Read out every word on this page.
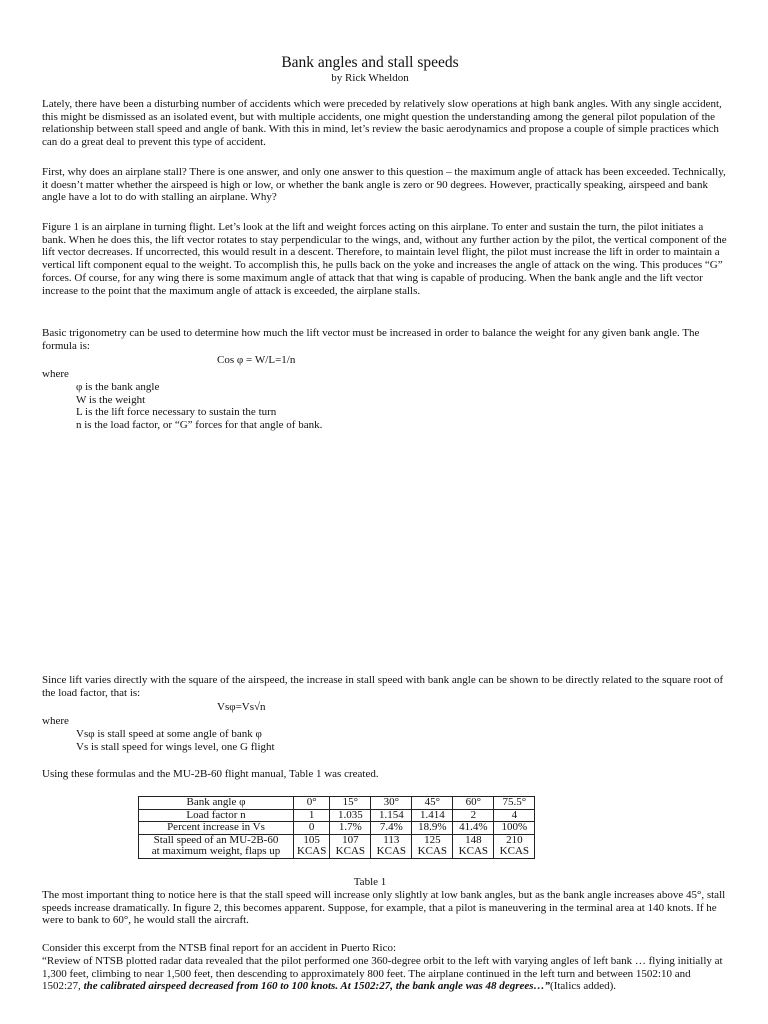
Bank angles and stall speeds
by Rick Wheldon

Lately, there have been a disturbing number of accidents which were preceded by relatively slow operations at high bank angles. With any single accident, this might be dismissed as an isolated event, but with multiple accidents, one might question the understanding among the general pilot population of the relationship between stall speed and angle of bank. With this in mind, let’s review the basic aerodynamics and propose a couple of simple practices which can do a great deal to prevent this type of accident.

First, why does an airplane stall? There is one answer, and only one answer to this question – the maximum angle of attack has been exceeded. Technically, it doesn’t matter whether the airspeed is high or low, or whether the bank angle is zero or 90 degrees. However, practically speaking, airspeed and bank angle have a lot to do with stalling an airplane. Why?

Figure 1 is an airplane in turning flight. Let’s look at the lift and weight forces acting on this airplane. To enter and sustain the turn, the pilot initiates a bank. When he does this, the lift vector rotates to stay perpendicular to the wings, and, without any further action by the pilot, the vertical component of the lift vector decreases. If uncorrected, this would result in a descent. Therefore, to maintain level flight, the pilot must increase the lift in order to maintain a vertical lift component equal to the weight. To accomplish this, he pulls back on the yoke and increases the angle of attack on the wing. This produces “G” forces. Of course, for any wing there is some maximum angle of attack that that wing is capable of producing. When the bank angle and the lift vector increase to the point that the maximum angle of attack is exceeded, the airplane stalls.

Basic trigonometry can be used to determine how much the lift vector must be increased in order to balance the weight for any given bank angle. The formula is:

Cos φ = W/L=1/n
where
φ is the bank angle
W is the weight
L is the lift force necessary to sustain the turn
n is the load factor, or “G” forces for that angle of bank.

Since lift varies directly with the square of the airspeed, the increase in stall speed with bank angle can be shown to be directly related to the square root of the load factor, that is:

Vsφ=Vs√n
where
Vsφ is stall speed at some angle of bank φ
Vs is stall speed for wings level, one G flight

Using these formulas and the MU-2B-60 flight manual, Table 1 was created.

Bank angle φ	0°	15°	30°	45°	60°	75.5°
Load factor n	1	1.035	1.154	1.414	2	4
Percent increase in Vs	0	1.7%	7.4%	18.9%	41.4%	100%
Stall speed of an MU-2B-60	105	107	113	125	148	210
at maximum weight, flaps up	KCAS	KCAS	KCAS	KCAS	KCAS	KCAS
Table 1

The most important thing to notice here is that the stall speed will increase only slightly at low bank angles, but as the bank angle increases above 45°, stall speeds increase dramatically. In figure 2, this becomes apparent. Suppose, for example, that a pilot is maneuvering in the terminal area at 140 knots. If he were to bank to 60°, he would stall the aircraft.

Consider this excerpt from the NTSB final report for an accident in Puerto Rico:

“Review of NTSB plotted radar data revealed that the pilot performed one 360-degree orbit to the left with varying angles of left bank … flying initially at 1,300 feet, climbing to near 1,500 feet, then descending to approximately 800 feet. The airplane continued in the left turn and between 1502:10 and 1502:27, the calibrated airspeed decreased from 160 to 100 knots. At 1502:27, the bank angle was 48 degrees…”(Italics added).
